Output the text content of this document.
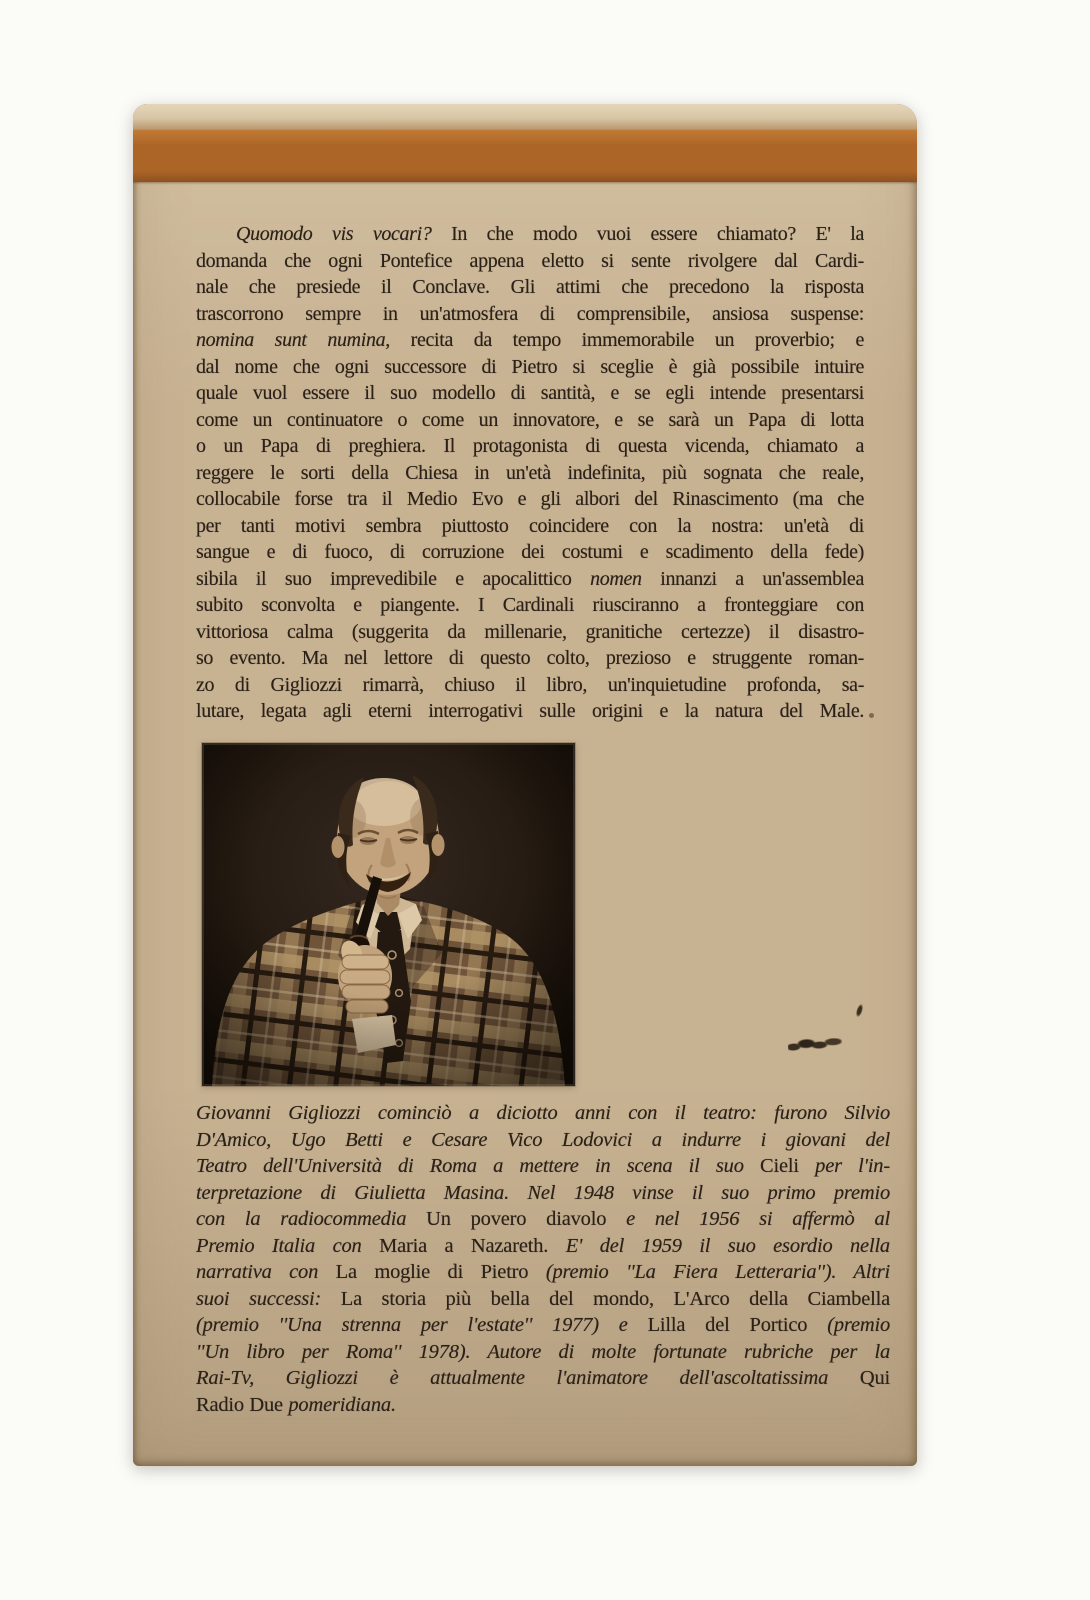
Quomodo vis vocari? In che modo vuoi essere chiamato? E' la
domanda che ogni Pontefice appena eletto si sente rivolgere dal Cardi-
nale che presiede il Conclave. Gli attimi che precedono la risposta
trascorrono sempre in un'atmosfera di comprensibile, ansiosa suspense:
nomina sunt numina, recita da tempo immemorabile un proverbio; e
dal nome che ogni successore di Pietro si sceglie è già possibile intuire
quale vuol essere il suo modello di santità, e se egli intende presentarsi
come un continuatore o come un innovatore, e se sarà un Papa di lotta
o un Papa di preghiera. Il protagonista di questa vicenda, chiamato a
reggere le sorti della Chiesa in un'età indefinita, più sognata che reale,
collocabile forse tra il Medio Evo e gli albori del Rinascimento (ma che
per tanti motivi sembra piuttosto coincidere con la nostra: un'età di
sangue e di fuoco, di corruzione dei costumi e scadimento della fede)
sibila il suo imprevedibile e apocalittico nomen innanzi a un'assemblea
subito sconvolta e piangente. I Cardinali riusciranno a fronteggiare con
vittoriosa calma (suggerita da millenarie, granitiche certezze) il disastro-
so evento. Ma nel lettore di questo colto, prezioso e struggente roman-
zo di Gigliozzi rimarrà, chiuso il libro, un'inquietudine profonda, sa-
lutare, legata agli eterni interrogativi sulle origini e la natura del Male.
Giovanni Gigliozzi cominciò a diciotto anni con il teatro: furono Silvio
D'Amico, Ugo Betti e Cesare Vico Lodovici a indurre i giovani del
Teatro dell'Università di Roma a mettere in scena il suo Cieli per l'in-
terpretazione di Giulietta Masina. Nel 1948 vinse il suo primo premio
con la radiocommedia Un povero diavolo e nel 1956 si affermò al
Premio Italia con Maria a Nazareth. E' del 1959 il suo esordio nella
narrativa con La moglie di Pietro (premio ''La Fiera Letteraria''). Altri
suoi successi: La storia più bella del mondo, L'Arco della Ciambella
(premio ''Una strenna per l'estate'' 1977) e Lilla del Portico (premio
''Un libro per Roma'' 1978). Autore di molte fortunate rubriche per la
Rai-Tv, Gigliozzi è attualmente l'animatore dell'ascoltatissima Qui
Radio Due pomeridiana.
